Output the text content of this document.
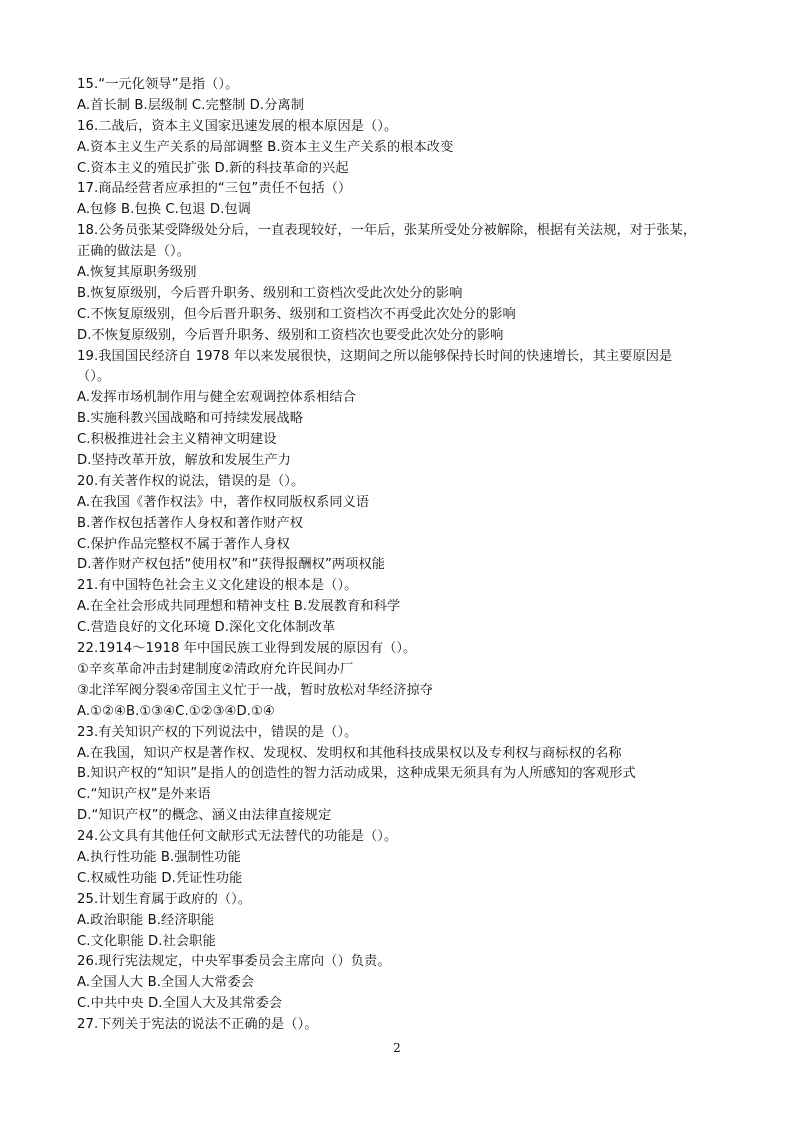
15.“一元化领导”是指（）。
A.首长制 B.层级制 C.完整制 D.分离制
16.二战后，资本主义国家迅速发展的根本原因是（）。
A.资本主义生产关系的局部调整 B.资本主义生产关系的根本改变
C.资本主义的殖民扩张 D.新的科技革命的兴起
17.商品经营者应承担的“三包”责任不包括（）
A.包修 B.包换 C.包退 D.包调
18.公务员张某受降级处分后，一直表现较好，一年后，张某所受处分被解除，根据有关法规，对于张某，
正确的做法是（）。
A.恢复其原职务级别
B.恢复原级别，今后晋升职务、级别和工资档次受此次处分的影响
C.不恢复原级别，但今后晋升职务、级别和工资档次不再受此次处分的影响
D.不恢复原级别，今后晋升职务、级别和工资档次也要受此次处分的影响
19.我国国民经济自 1978 年以来发展很快，这期间之所以能够保持长时间的快速增长，其主要原因是
（）。
A.发挥市场机制作用与健全宏观调控体系相结合
B.实施科教兴国战略和可持续发展战略
C.积极推进社会主义精神文明建设
D.坚持改革开放，解放和发展生产力
20.有关著作权的说法，错误的是（）。
A.在我国《著作权法》中，著作权同版权系同义语
B.著作权包括著作人身权和著作财产权
C.保护作品完整权不属于著作人身权
D.著作财产权包括“使用权”和“获得报酬权”两项权能
21.有中国特色社会主义文化建设的根本是（）。
A.在全社会形成共同理想和精神支柱 B.发展教育和科学
C.营造良好的文化环境 D.深化文化体制改革
22.1914～1918 年中国民族工业得到发展的原因有（）。
①辛亥革命冲击封建制度②清政府允许民间办厂
③北洋军阀分裂④帝国主义忙于一战，暂时放松对华经济掠夺
A.①②④B.①③④C.①②③④D.①④
23.有关知识产权的下列说法中，错误的是（）。
A.在我国，知识产权是著作权、发现权、发明权和其他科技成果权以及专利权与商标权的名称
B.知识产权的“知识”是指人的创造性的智力活动成果，这种成果无须具有为人所感知的客观形式
C.“知识产权”是外来语
D.“知识产权”的概念、涵义由法律直接规定
24.公文具有其他任何文献形式无法替代的功能是（）。
A.执行性功能 B.强制性功能
C.权威性功能 D.凭证性功能
25.计划生育属于政府的（）。
A.政治职能 B.经济职能
C.文化职能 D.社会职能
26.现行宪法规定，中央军事委员会主席向（）负责。
A.全国人大 B.全国人大常委会
C.中共中央 D.全国人大及其常委会
27.下列关于宪法的说法不正确的是（）。
2
